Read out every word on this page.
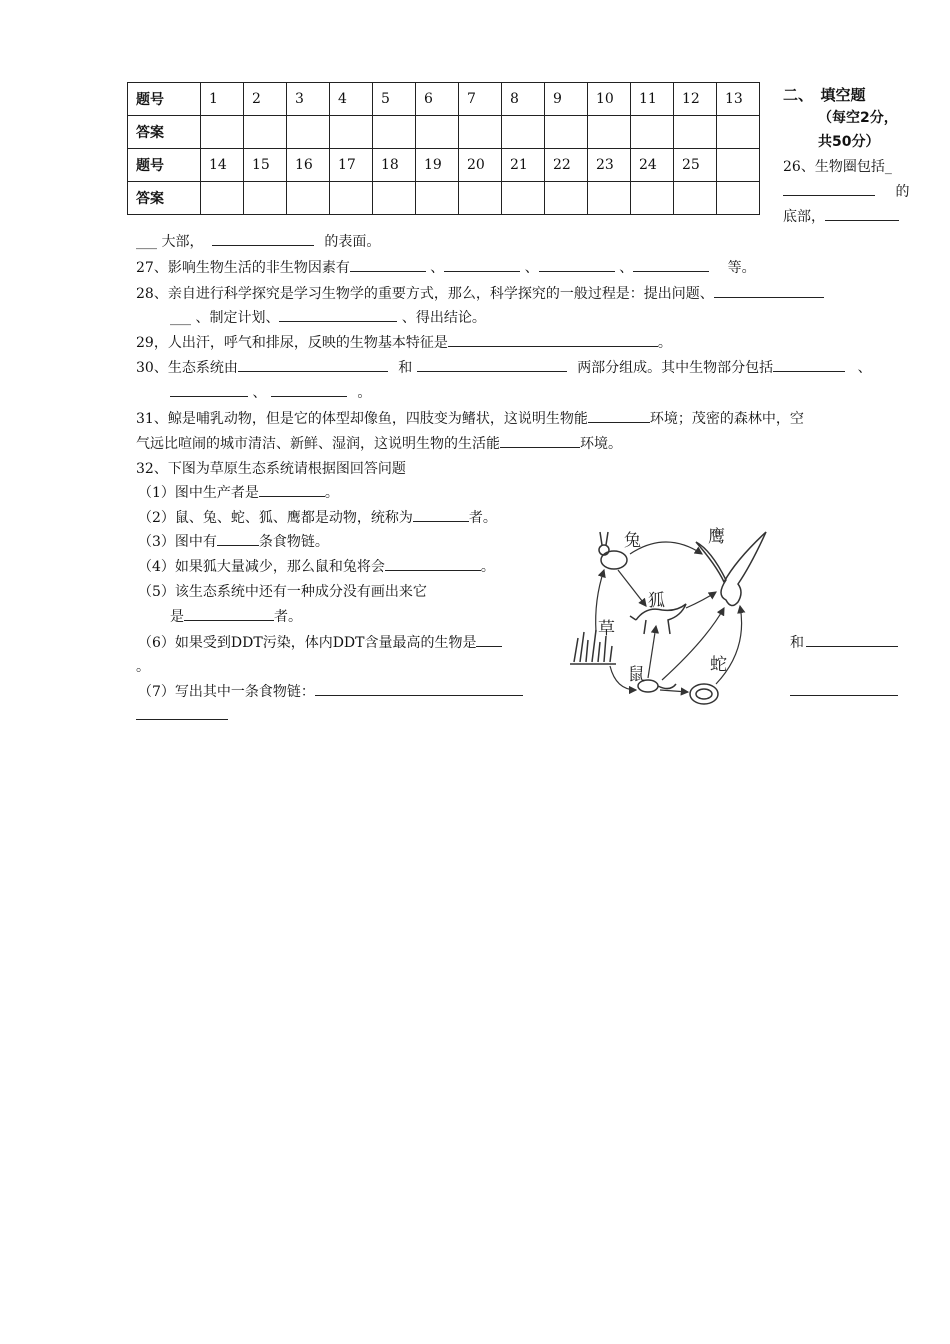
题号	1	2	3	4	5	6	7	8	9	10	11	12	13
答案													
题号	14	15	16	17	18	19	20	21	22	23	24	25	
答案													
二、　填空题
（每空2分，
共50分）
26、生物圈包括_
的
底部，
___ 大部，	的表面。
27、影响生物生活的非生物因素有	、	、	、	等。
28、亲自进行科学探究是学习生物学的重要方式，那么，科学探究的一般过程是：提出问题、
___ 、制定计划、	、得出结论。
29，人出汗，呼气和排尿，反映的生物基本特征是	。
30、生态系统由	和	两部分组成。其中生物部分包括	、
、	。
31、鲸是哺乳动物，但是它的体型却像鱼，四肢变为鳍状，这说明生物能	环境；茂密的森林中，空
气远比喧闹的城市清洁、新鲜、湿润，这说明生物的生活能	环境。
32、下图为草原生态系统请根据图回答问题
（1）图中生产者是	。
（2）鼠、兔、蛇、狐、鹰都是动物，统称为	者。
（3）图中有	条食物链。
（4）如果狐大量减少，那么鼠和兔将会	。
（5）该生态系统中还有一种成分没有画出来它
是	者。
（6）如果受到DDT污染，体内DDT含量最高的生物是	和
。
（7）写出其中一条食物链：
兔	鹰
狐
草
鼠	蛇
